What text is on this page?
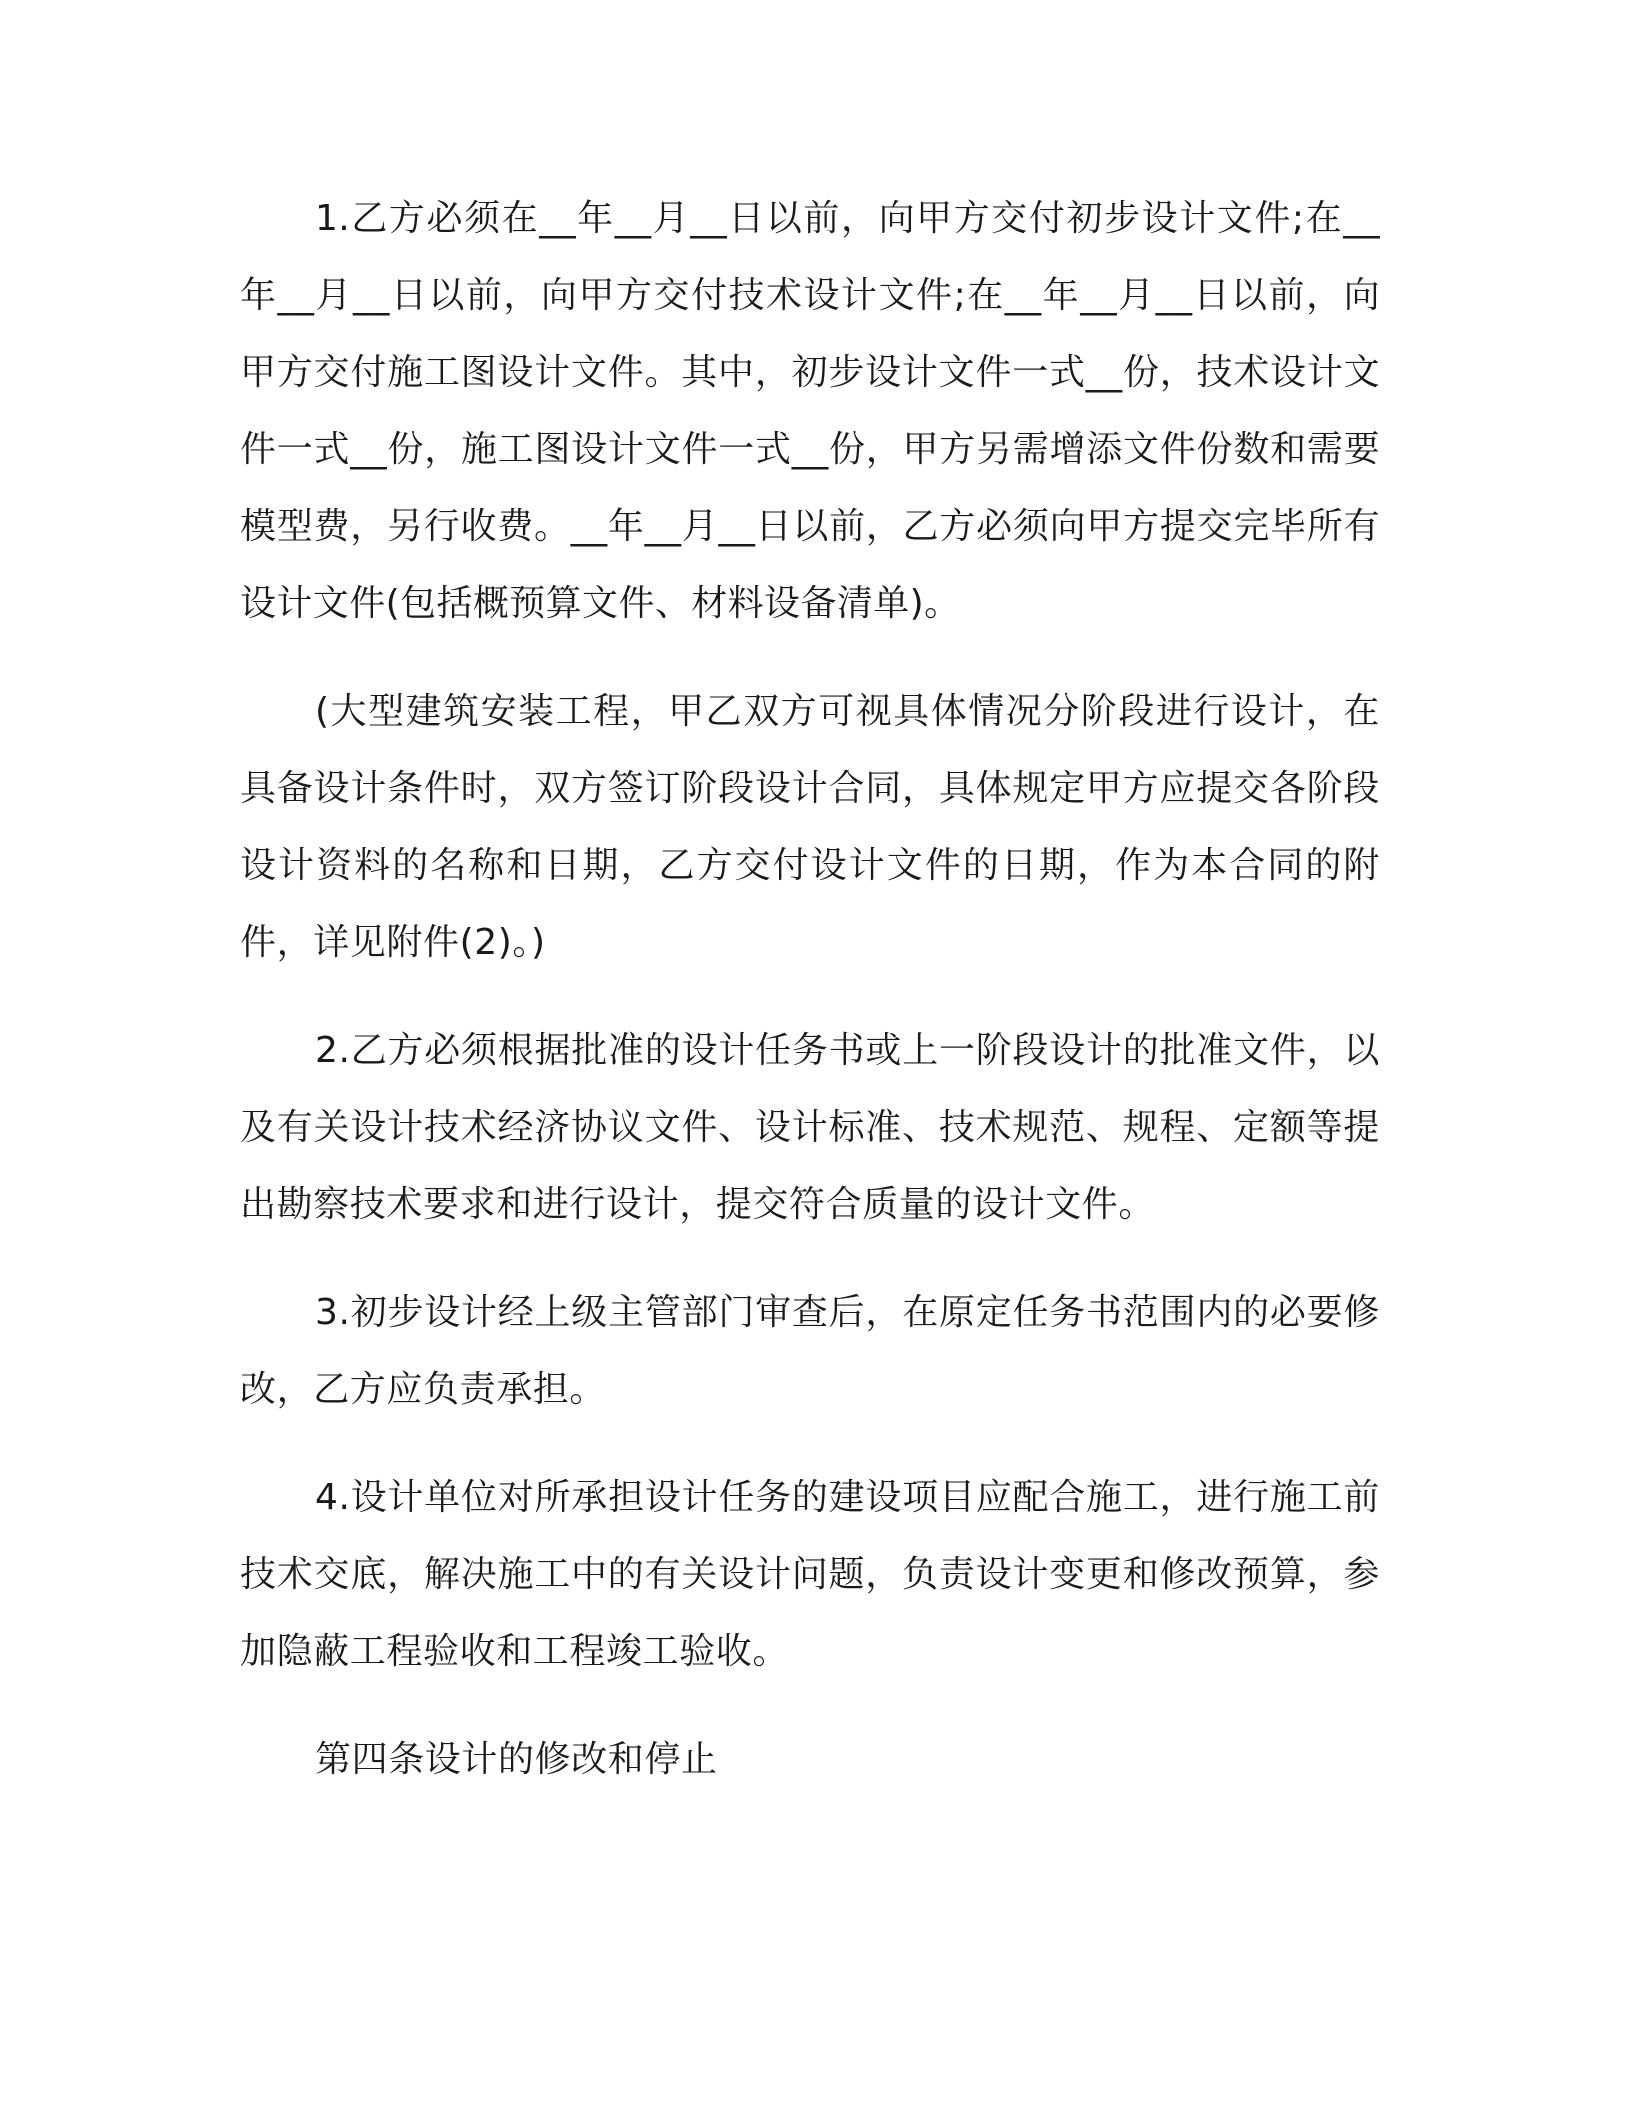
1.乙方必须在__年__月__日以前，向甲方交付初步设计文件;在__年__月__日以前，向甲方交付技术设计文件;在__年__月__日以前，向甲方交付施工图设计文件。其中，初步设计文件一式__份，技术设计文件一式__份，施工图设计文件一式__份，甲方另需增添文件份数和需要模型费，另行收费。__年__月__日以前，乙方必须向甲方提交完毕所有设计文件(包括概预算文件、材料设备清单)。

(大型建筑安装工程，甲乙双方可视具体情况分阶段进行设计，在具备设计条件时，双方签订阶段设计合同，具体规定甲方应提交各阶段设计资料的名称和日期，乙方交付设计文件的日期，作为本合同的附件，详见附件(2)。)

2.乙方必须根据批准的设计任务书或上一阶段设计的批准文件，以及有关设计技术经济协议文件、设计标准、技术规范、规程、定额等提出勘察技术要求和进行设计，提交符合质量的设计文件。

3.初步设计经上级主管部门审查后，在原定任务书范围内的必要修改，乙方应负责承担。

4.设计单位对所承担设计任务的建设项目应配合施工，进行施工前技术交底，解决施工中的有关设计问题，负责设计变更和修改预算，参加隐蔽工程验收和工程竣工验收。

第四条设计的修改和停止
